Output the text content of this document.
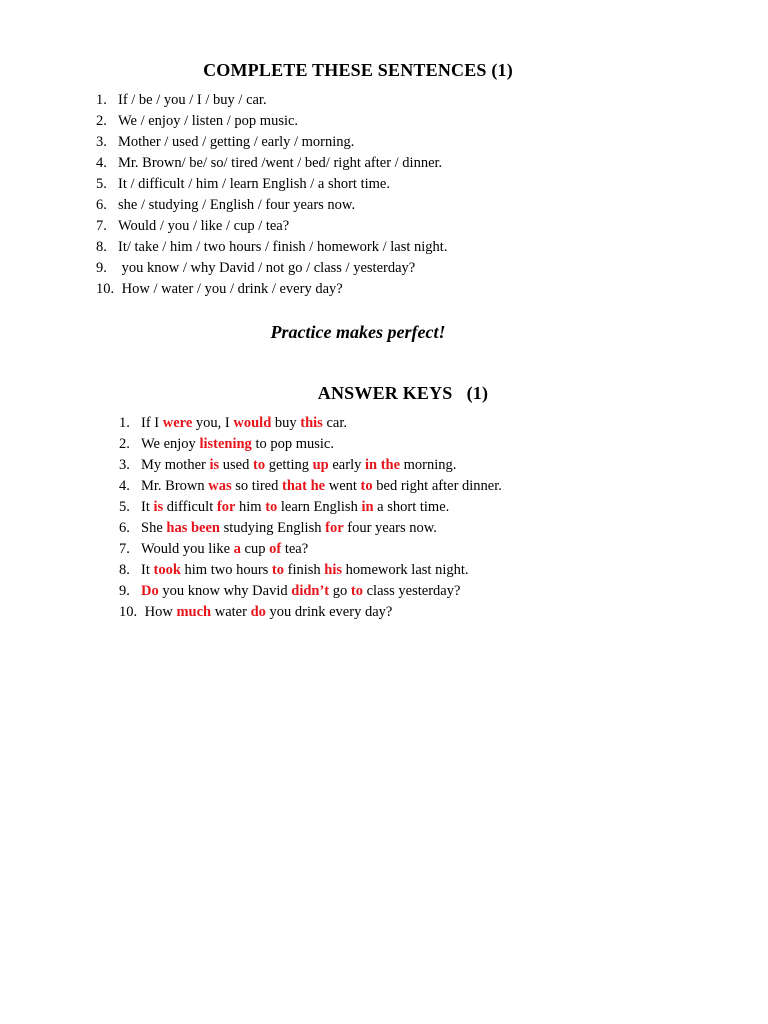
COMPLETE THESE SENTENCES (1)
1. If / be / you / I / buy / car.
2. We / enjoy / listen / pop music.
3. Mother / used / getting / early / morning.
4. Mr. Brown/ be/ so/ tired /went / bed/ right after / dinner.
5. It / difficult / him / learn English / a short time.
6. she / studying / English / four years now.
7. Would / you / like / cup / tea?
8. It/ take / him / two hours / finish / homework / last night.
9. you know / why David / not go / class / yesterday?
10. How / water / you / drink / every day?
Practice makes perfect!
ANSWER KEYS   (1)
1. If I were you, I would buy this car.
2. We enjoy listening to pop music.
3. My mother is used to getting up early in the morning.
4. Mr. Brown was so tired that he went to bed right after dinner.
5. It is difficult for him to learn English in a short time.
6. She has been studying English for four years now.
7. Would you like a cup of tea?
8. It took him two hours to finish his homework last night.
9. Do you know why David didn’t go to class yesterday?
10. How much water do you drink every day?
